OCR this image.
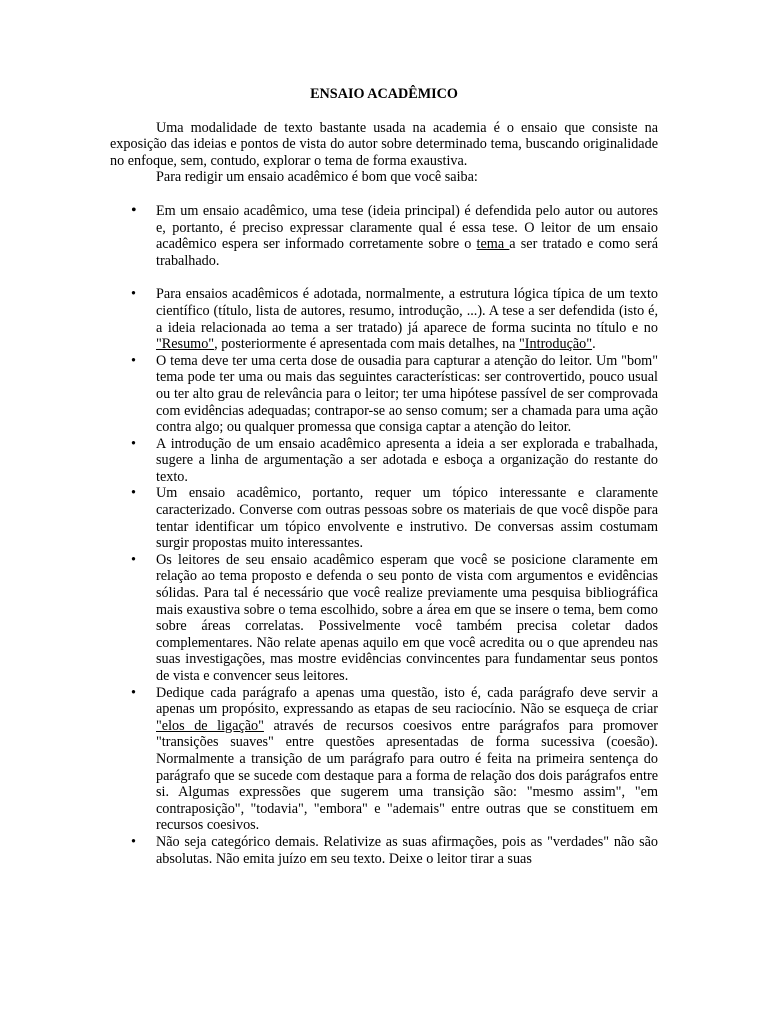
ENSAIO ACADÊMICO

Uma modalidade de texto bastante usada na academia é o ensaio que consiste na exposição das ideias e pontos de vista do autor sobre determinado tema, buscando originalidade no enfoque, sem, contudo, explorar o tema de forma exaustiva.

Para redigir um ensaio acadêmico é bom que você saiba:

• Em um ensaio acadêmico, uma tese (ideia principal) é defendida pelo autor ou autores e, portanto, é preciso expressar claramente qual é essa tese. O leitor de um ensaio acadêmico espera ser informado corretamente sobre o tema a ser tratado e como será trabalhado.
• Para ensaios acadêmicos é adotada, normalmente, a estrutura lógica típica de um texto científico (título, lista de autores, resumo, introdução, ...). A tese a ser defendida (isto é, a ideia relacionada ao tema a ser tratado) já aparece de forma sucinta no título e no "Resumo", posteriormente é apresentada com mais detalhes, na "Introdução".
• O tema deve ter uma certa dose de ousadia para capturar a atenção do leitor. Um "bom" tema pode ter uma ou mais das seguintes características: ser controvertido, pouco usual ou ter alto grau de relevância para o leitor; ter uma hipótese passível de ser comprovada com evidências adequadas; contrapor-se ao senso comum; ser a chamada para uma ação contra algo; ou qualquer promessa que consiga captar a atenção do leitor.
• A introdução de um ensaio acadêmico apresenta a ideia a ser explorada e trabalhada, sugere a linha de argumentação a ser adotada e esboça a organização do restante do texto.
• Um ensaio acadêmico, portanto, requer um tópico interessante e claramente caracterizado. Converse com outras pessoas sobre os materiais de que você dispõe para tentar identificar um tópico envolvente e instrutivo. De conversas assim costumam surgir propostas muito interessantes.
• Os leitores de seu ensaio acadêmico esperam que você se posicione claramente em relação ao tema proposto e defenda o seu ponto de vista com argumentos e evidências sólidas. Para tal é necessário que você realize previamente uma pesquisa bibliográfica mais exaustiva sobre o tema escolhido, sobre a área em que se insere o tema, bem como sobre áreas correlatas. Possivelmente você também precisa coletar dados complementares. Não relate apenas aquilo em que você acredita ou o que aprendeu nas suas investigações, mas mostre evidências convincentes para fundamentar seus pontos de vista e convencer seus leitores.
• Dedique cada parágrafo a apenas uma questão, isto é, cada parágrafo deve servir a apenas um propósito, expressando as etapas de seu raciocínio. Não se esqueça de criar "elos de ligação" através de recursos coesivos entre parágrafos para promover "transições suaves" entre questões apresentadas de forma sucessiva (coesão). Normalmente a transição de um parágrafo para outro é feita na primeira sentença do parágrafo que se sucede com destaque para a forma de relação dos dois parágrafos entre si. Algumas expressões que sugerem uma transição são: "mesmo assim", "em contraposição", "todavia", "embora" e "ademais" entre outras que se constituem em recursos coesivos.
• Não seja categórico demais. Relativize as suas afirmações, pois as "verdades" não são absolutas. Não emita juízo em seu texto. Deixe o leitor tirar a suas
